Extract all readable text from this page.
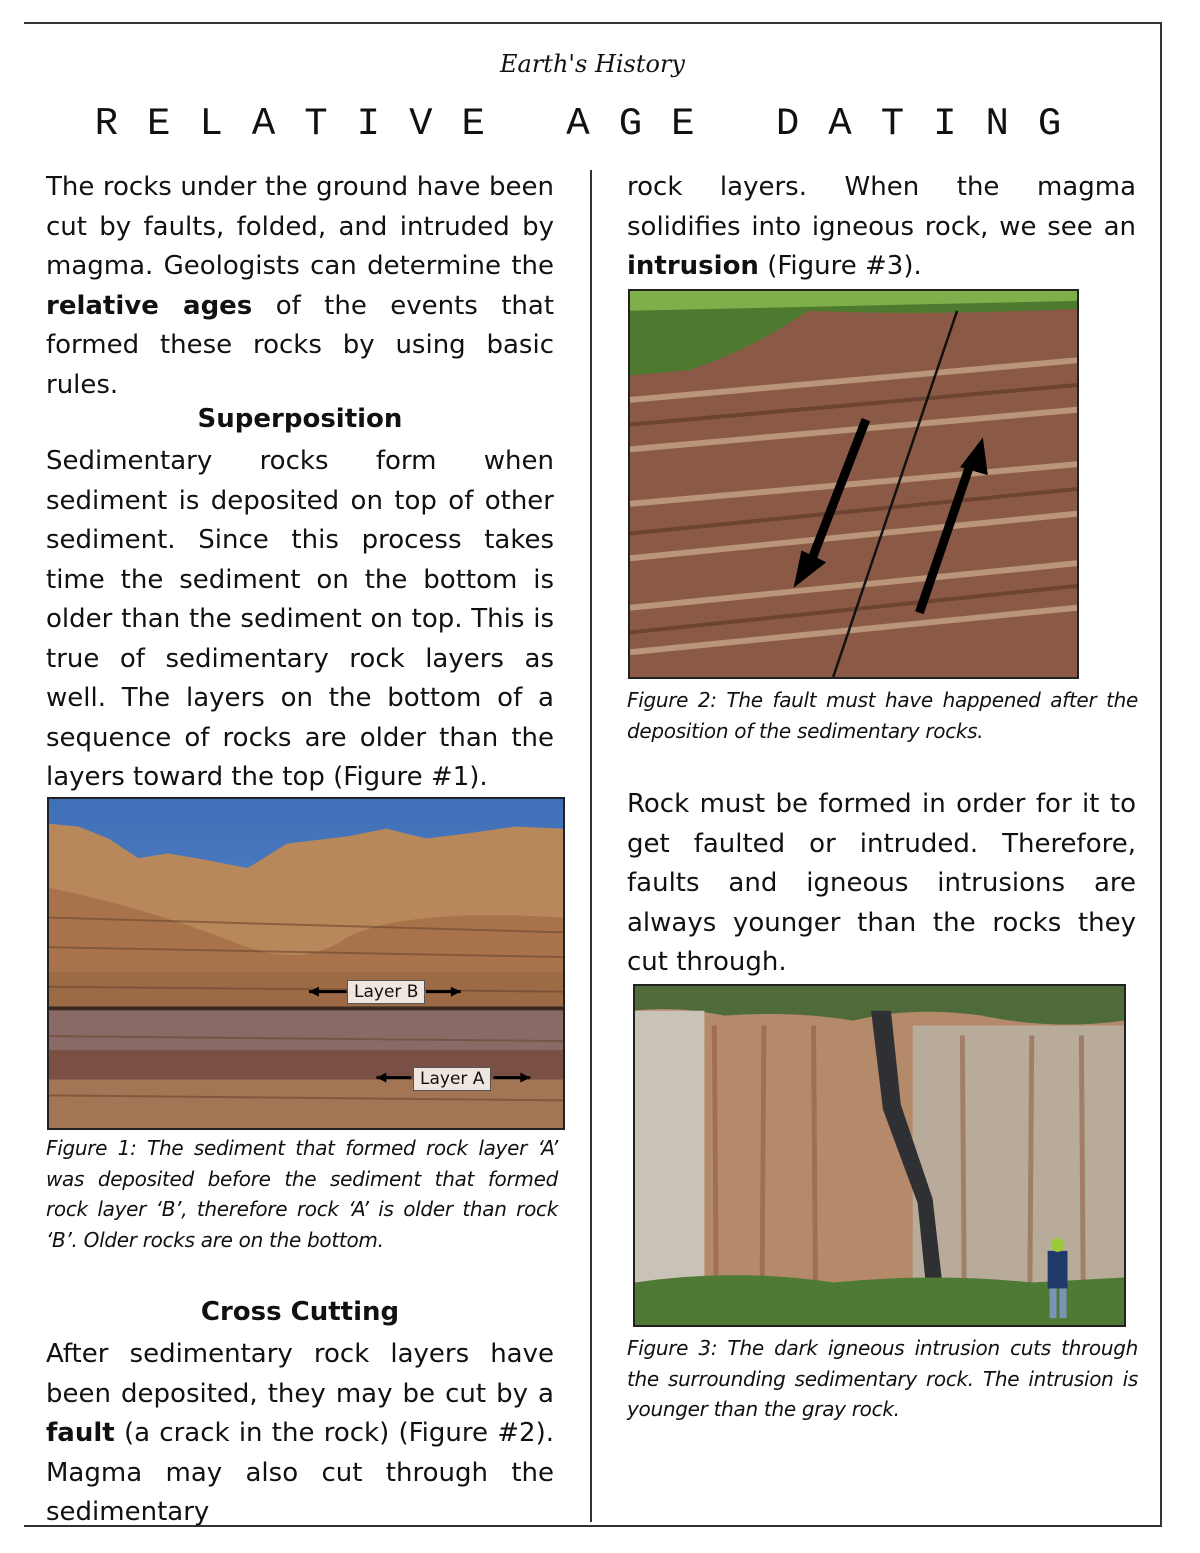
Earth's History
RELATIVE AGE DATING

The rocks under the ground have been cut by faults, folded, and intruded by magma. Geologists can determine the relative ages of the events that formed these rocks by using basic rules.

Superposition

Sedimentary rocks form when sediment is deposited on top of other sediment. Since this process takes time the sediment on the bottom is older than the sediment on top. This is true of sedimentary rock layers as well. The layers on the bottom of a sequence of rocks are older than the layers toward the top (Figure #1).

Layer B
Layer A

Figure 1: The sediment that formed rock layer ‘A’ was deposited before the sediment that formed rock layer ‘B’, therefore rock ‘A’ is older than rock ‘B’. Older rocks are on the bottom.

Cross Cutting

After sedimentary rock layers have been deposited, they may be cut by a fault (a crack in the rock) (Figure #2). Magma may also cut through the sedimentary

rock layers. When the magma solidifies into igneous rock, we see an intrusion (Figure #3).

Figure 2: The fault must have happened after the deposition of the sedimentary rocks.

Rock must be formed in order for it to get faulted or intruded. Therefore, faults and igneous intrusions are always younger than the rocks they cut through.

Figure 3: The dark igneous intrusion cuts through the surrounding sedimentary rock. The intrusion is younger than the gray rock.
